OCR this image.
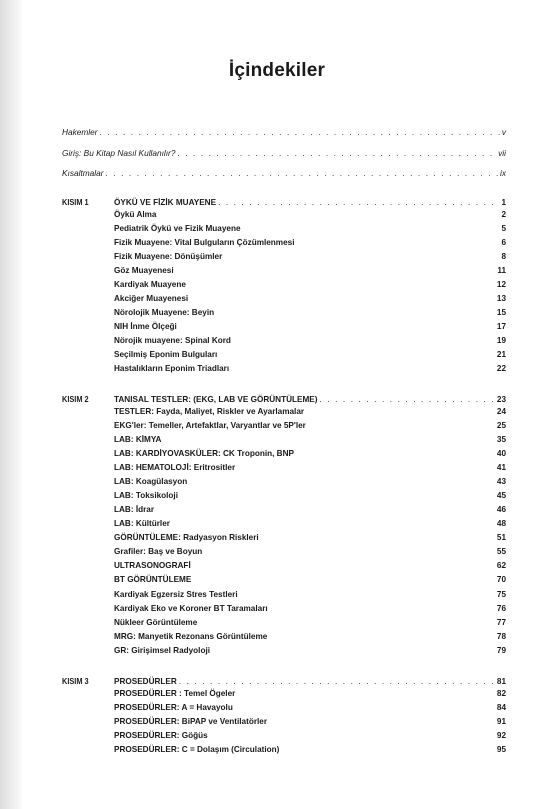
İçindekiler
Hakemler . . .	v
Giriş: Bu Kitap Nasıl Kullanılır? . . .	vii
Kısaltmalar . . .	ix
KISIM 1	ÖYKÜ VE FİZİK MUAYENE . . .	1
Öykü Alma	2
Pediatrik Öykü ve Fizik Muayene	5
Fizik Muayene: Vital Bulguların Çözümlenmesi	6
Fizik Muayene: Dönüşümler	8
Göz Muayenesi	11
Kardiyak Muayene	12
Akciğer Muayenesi	13
Nörolojik Muayene: Beyin	15
NIH İnme Ölçeği	17
Nörojik muayene: Spinal Kord	19
Seçilmiş Eponim Bulguları	21
Hastalıkların Eponim Triadları	22
KISIM 2	TANISAL TESTLER: (EKG, LAB VE GÖRÜNTÜLEME) . . .	23
TESTLER: Fayda, Maliyet, Riskler ve Ayarlamalar	24
EKG'ler: Temeller, Artefaktlar, Varyantlar ve 5P'ler	25
LAB: KİMYA	35
LAB: KARDİYOVASKÜLER: CK Troponin, BNP	40
LAB: HEMATOLOJİ: Eritrositler	41
LAB: Koagülasyon	43
LAB: Toksikoloji	45
LAB: İdrar	46
LAB: Kültürler	48
GÖRÜNTÜLEME: Radyasyon Riskleri	51
Grafiler: Baş ve Boyun	55
ULTRASONOGRAFİ	62
BT GÖRÜNTÜLEME	70
Kardiyak Egzersiz Stres Testleri	75
Kardiyak Eko ve Koroner BT Taramaları	76
Nükleer Görüntüleme	77
MRG: Manyetik Rezonans Görüntüleme	78
GR: Girişimsel Radyoloji	79
KISIM 3	PROSEDÜRLER . . .	81
PROSEDÜRLER : Temel Ögeler	82
PROSEDÜRLER: A = Havayolu	84
PROSEDÜRLER: BiPAP ve Ventilatörler	91
PROSEDÜRLER: Göğüs	92
PROSEDÜRLER: C = Dolaşım (Circulation)	95
